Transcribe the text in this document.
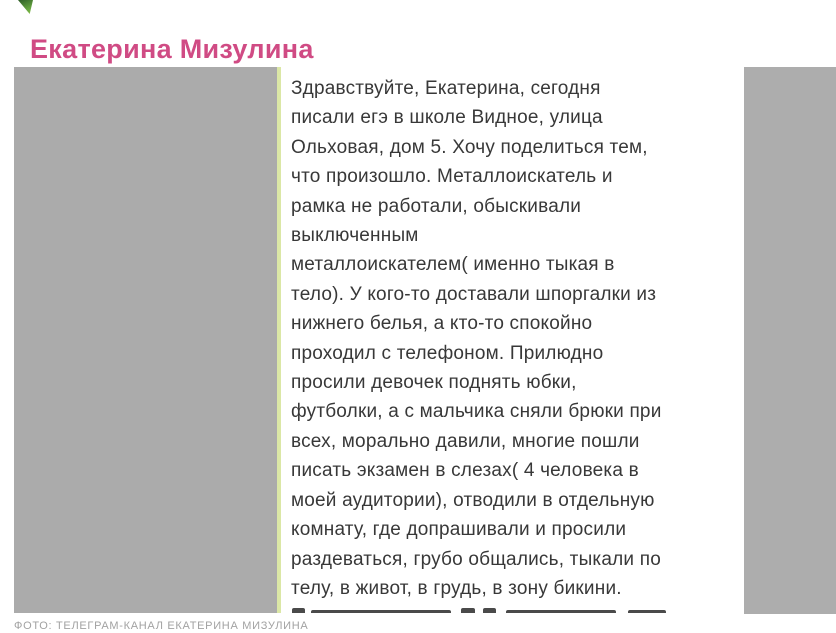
Екатерина Мизулина
Здравствуйте, Екатерина, сегодня
писали егэ в школе Видное, улица
Ольховая, дом 5. Хочу поделиться тем,
что произошло. Металлоискатель и
рамка не работали, обыскивали
выключенным
металлоискателем( именно тыкая в
тело). У кого-то доставали шпоргалки из
нижнего белья, а кто-то спокойно
проходил с телефоном. Прилюдно
просили девочек поднять юбки,
футболки, а с мальчика сняли брюки при
всех, морально давили, многие пошли
писать экзамен в слезах( 4 человека в
моей аудитории), отводили в отдельную
комнату, где допрашивали и просили
раздеваться, грубо общались, тыкали по
телу, в живот, в грудь, в зону бикини.
ФОТО: ТЕЛЕГРАМ-КАНАЛ ЕКАТЕРИНА МИЗУЛИНА
